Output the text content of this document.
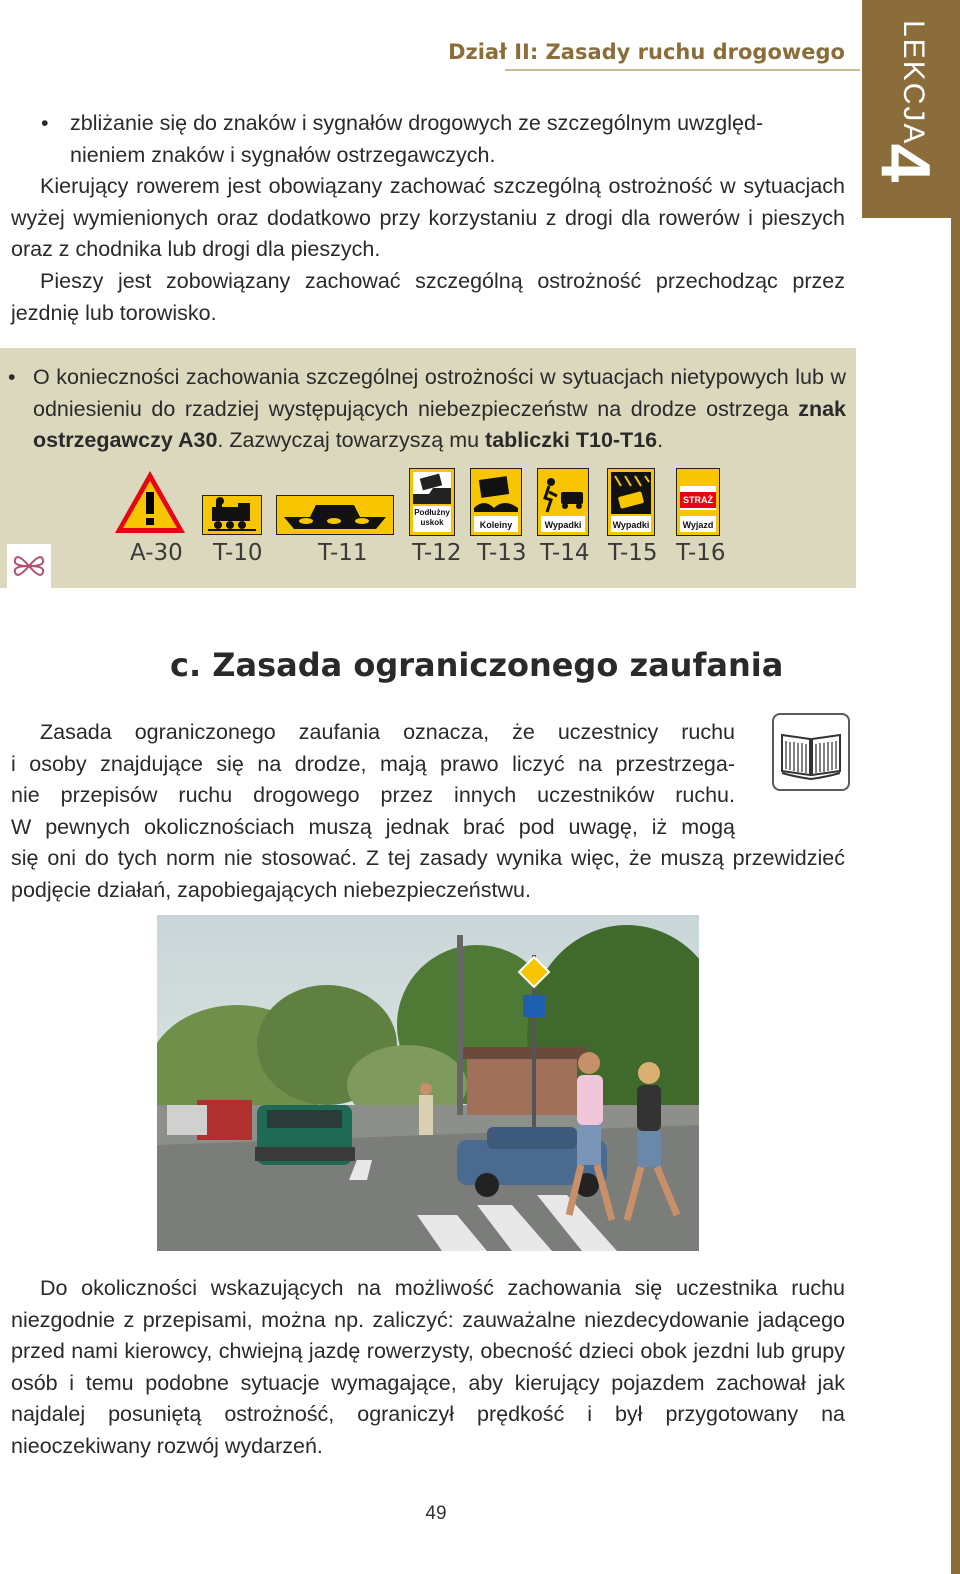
LEKCJA
4
Dział II: Zasady ruchu drogowego
• zbliżanie się do znaków i sygnałów drogowych ze szczególnym uwzględ-
nieniem znaków i sygnałów ostrzegawczych.
Kierujący rowerem jest obowiązany zachować szczególną ostrożność w sytuacjach wyżej wymienionych oraz dodatkowo przy korzystaniu z drogi dla rowerów i pieszych oraz z chodnika lub drogi dla pieszych.
Pieszy jest zobowiązany zachować szczególną ostrożność przechodząc przez jezdnię lub torowisko.
• O konieczności zachowania szczególnej ostrożności w sytuacjach nietypowych lub w odniesieniu do rzadziej występujących niebezpieczeństw na drodze ostrzega znak ostrzegawczy A30. Zazwyczaj towarzyszą mu tabliczki T10-T16.
Podłużny
uskok	Koleiny	Wypadki	Wypadki
STRAŻ
Wyjazd
A-30 T-10 T-11 T-12 T-13 T-14 T-15 T-16
c. Zasada ograniczonego zaufania
Zasada ograniczonego zaufania oznacza, że uczestnicy ruchu
i osoby znajdujące się na drodze, mają prawo liczyć na przestrzega-
nie przepisów ruchu drogowego przez innych uczestników ruchu.
W pewnych okolicznościach muszą jednak brać pod uwagę, iż mogą
się oni do tych norm nie stosować. Z tej zasady wynika więc, że muszą przewidzieć podjęcie działań, zapobiegających niebezpieczeństwu.
Do okoliczności wskazujących na możliwość zachowania się uczestnika ruchu niezgodnie z przepisami, można np. zaliczyć: zauważalne niezdecydowanie jadącego przed nami kierowcy, chwiejną jazdę rowerzysty, obecność dzieci obok jezdni lub grupy osób i temu podobne sytuacje wymagające, aby kierujący pojazdem zachował jak najdalej posuniętą ostrożność, ograniczył prędkość i był przygotowany na nieoczekiwany rozwój wydarzeń.
49
